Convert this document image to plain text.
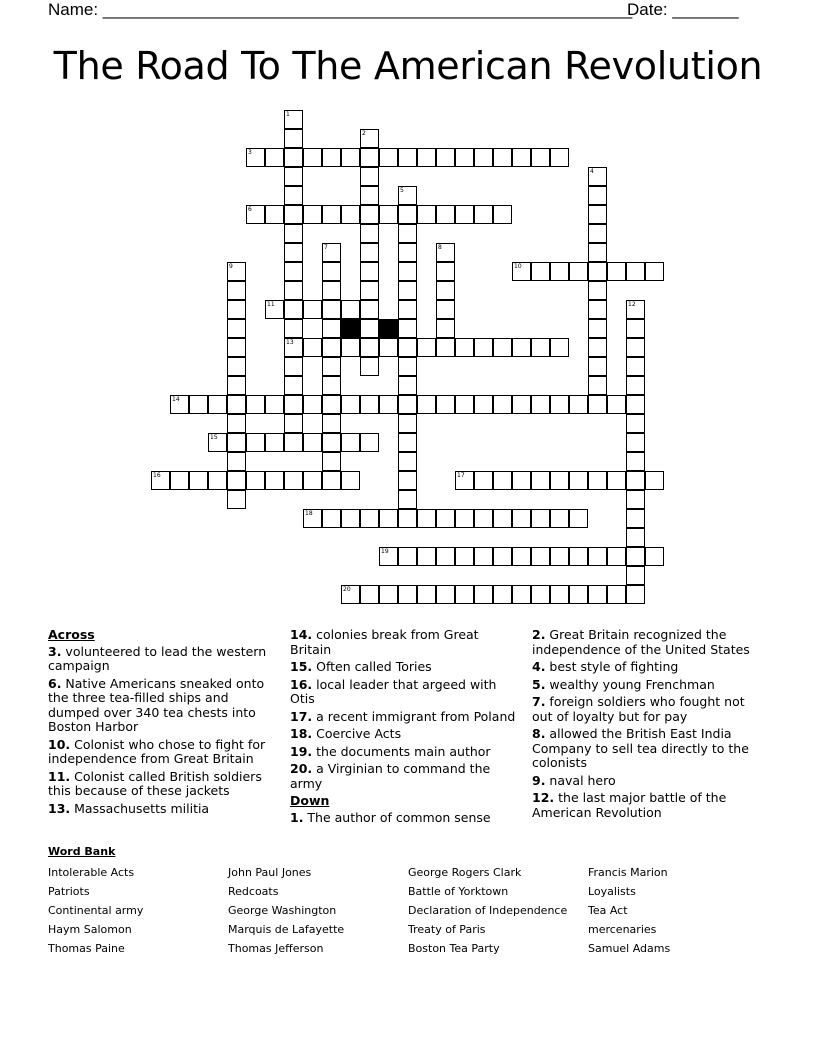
Name: ________________________________________________________
Date: _______
The Road To The American Revolution
3
6
10
11
13
14
15
16	17
18
19
20
1
2
4
5
7	8
9
12
Across
3. volunteered to lead the western campaign
6. Native Americans sneaked onto the three tea-filled ships and dumped over 340 tea chests into Boston Harbor
10. Colonist who chose to fight for independence from Great Britain
11. Colonist called British soldiers this because of these jackets
13. Massachusetts militia
14. colonies break from Great Britain
15. Often called Tories
16. local leader that argeed with Otis
17. a recent immigrant from Poland
18. Coercive Acts
19. the documents main author
20. a Virginian to command the army
Down
1. The author of common sense
2. Great Britain recognized the independence of the United States
4. best style of fighting
5. wealthy young Frenchman
7. foreign soldiers who fought not out of loyalty but for pay
8. allowed the British East India Company to sell tea directly to the colonists
9. naval hero
12. the last major battle of the American Revolution
Word Bank
Intolerable Acts
Patriots
Continental army
Haym Salomon
Thomas Paine
John Paul Jones
Redcoats
George Washington
Marquis de Lafayette
Thomas Jefferson
George Rogers Clark
Battle of Yorktown
Declaration of Independence
Treaty of Paris
Boston Tea Party
Francis Marion
Loyalists
Tea Act
mercenaries
Samuel Adams
